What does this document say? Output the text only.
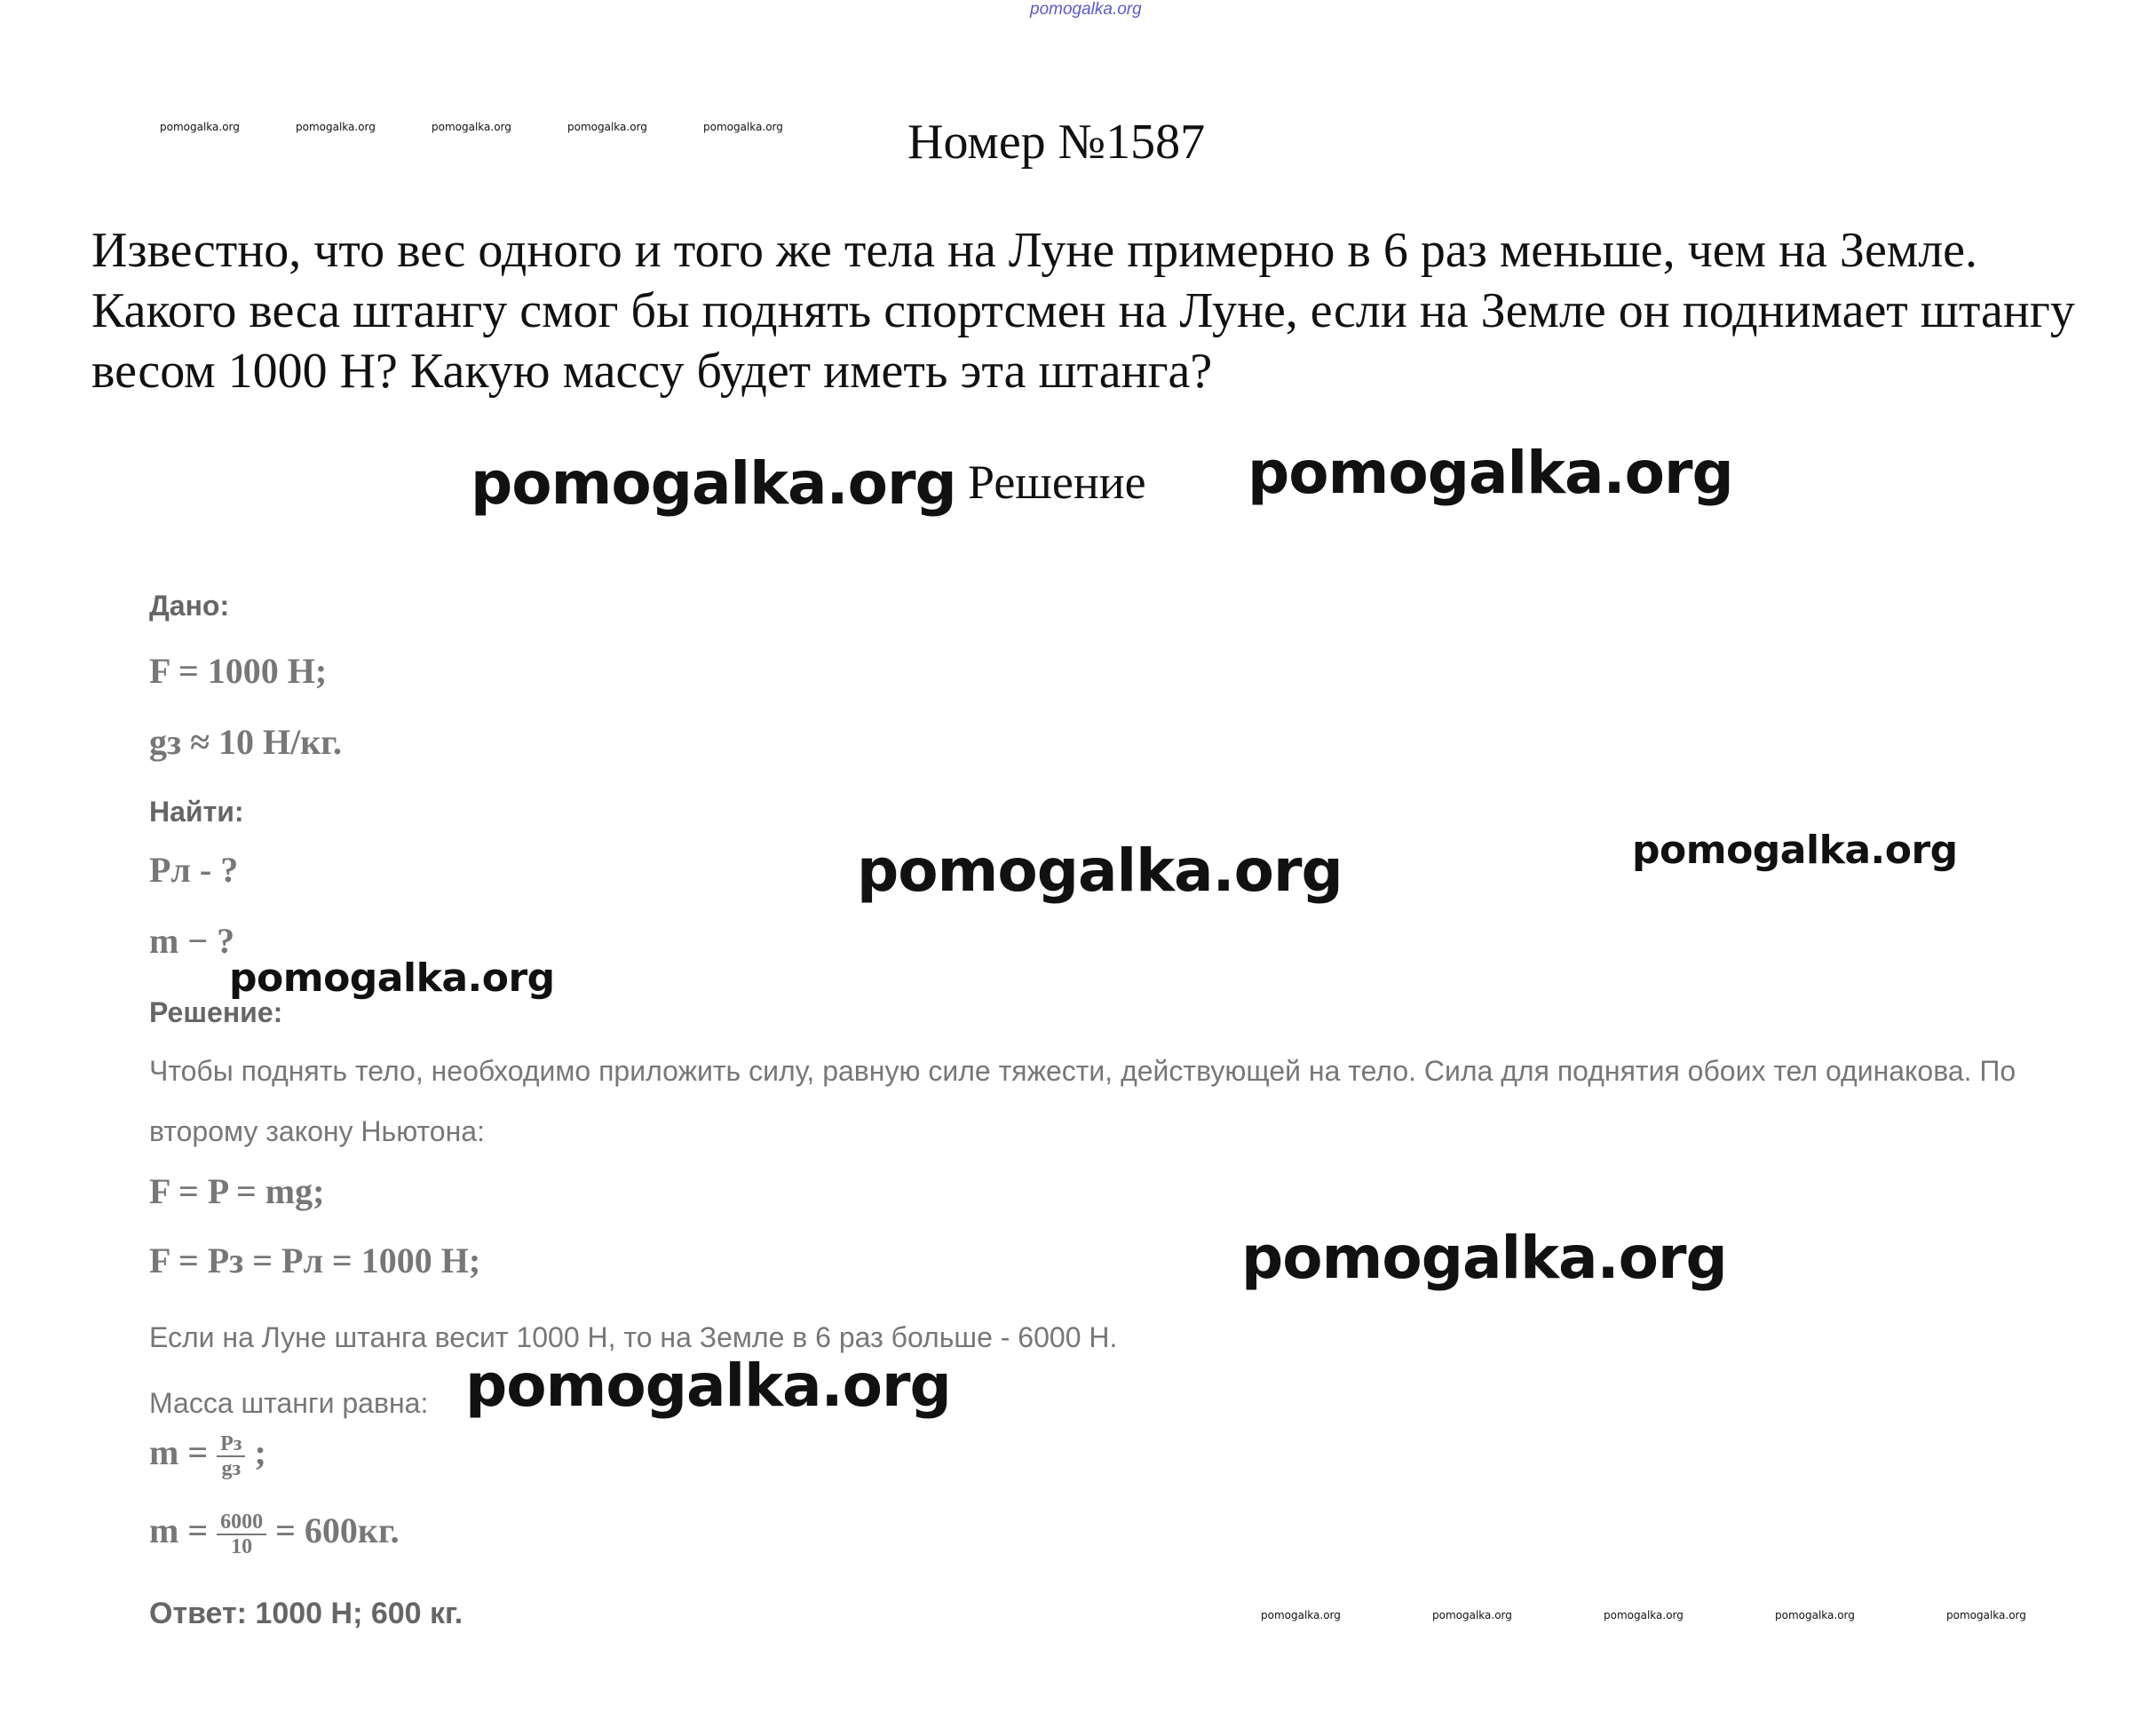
pomogalka.org
pomogalka.org	pomogalka.org	pomogalka.org	pomogalka.org	pomogalka.org	Номер №1587
Известно, что вес одного и того же тела на Луне примерно в 6 раз меньше, чем на Земле. Какого веса штангу смог бы поднять спортсмен на Луне, если на Земле он поднимает штангу весом 1000 Н? Какую массу будет иметь эта штанга?
pomogalka.org Решение pomogalka.org
Дано:
F = 1000 Н;
gз ≈ 10 Н/кг.
Найти:
Pл - ?
m − ?
pomogalka.org	pomogalka.org
pomogalka.org
Решение:
Чтобы поднять тело, необходимо приложить силу, равную силе тяжести, действующей на тело. Сила для поднятия обоих тел одинакова. По
второму закону Ньютона:
F = P = mg;
F = Pз = Pл = 1000 Н;	pomogalka.org
Если на Луне штанга весит 1000 Н, то на Земле в 6 раз больше - 6000 Н.
Масса штанги равна: pomogalka.org
$m = \frac{Pз}{gз}$ ;
$m = \frac{6000}{10} = 600кг$.
Ответ: 1000 Н; 600 кг.	pomogalka.org	pomogalka.org	pomogalka.org	pomogalka.org	pomogalka.org
